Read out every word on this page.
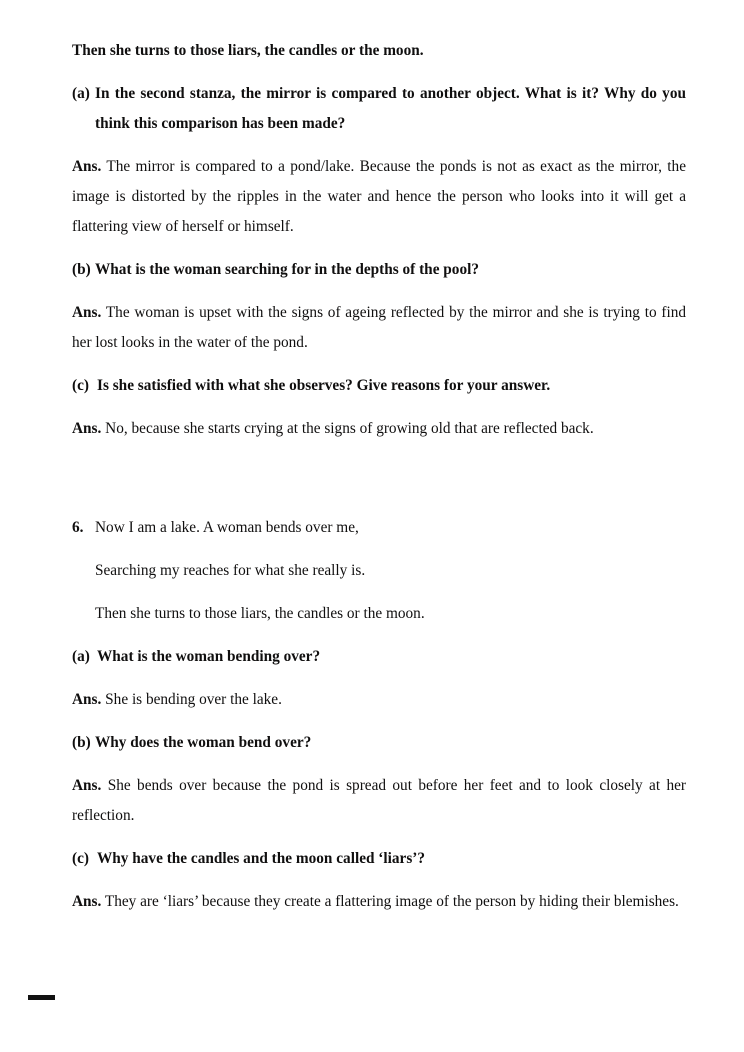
Then she turns to those liars, the candles or the moon.

(a) In the second stanza, the mirror is compared to another object. What is it? Why do you think this comparison has been made?

Ans. The mirror is compared to a pond/lake. Because the ponds is not as exact as the mirror, the image is distorted by the ripples in the water and hence the person who looks into it will get a flattering view of herself or himself.

(b) What is the woman searching for in the depths of the pool?

Ans. The woman is upset with the signs of ageing reflected by the mirror and she is trying to find her lost looks in the water of the pond.

(c) Is she satisfied with what she observes? Give reasons for your answer.

Ans. No, because she starts crying at the signs of growing old that are reflected back.

6. Now I am a lake. A woman bends over me,
Searching my reaches for what she really is.
Then she turns to those liars, the candles or the moon.
(a) What is the woman bending over?

Ans. She is bending over the lake.

(b) Why does the woman bend over?

Ans. She bends over because the pond is spread out before her feet and to look closely at her reflection.

(c) Why have the candles and the moon called ‘liars’?

Ans. They are ‘liars’ because they create a flattering image of the person by hiding their blemishes.
